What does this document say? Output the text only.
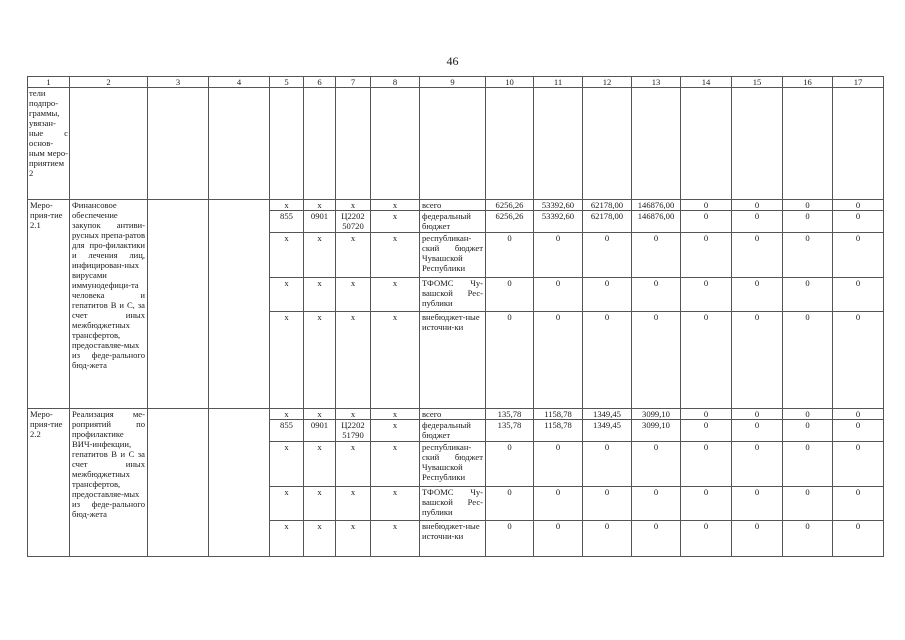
46
1	2	3	4	5	6	7	8	9	10	11	12	13	14	15	16	17
тели подпро-граммы, увязан-ные с основ-ным меро-приятием 2																
Меро-прия-тие 2.1	Финансовое обеспечение закупок антиви-русных препа-ратов для про-филактики и лечения лиц, инфицирован-ных вирусами иммунодефици-та человека и гепатитов В и С, за счет иных межбюджетных трансфертов, предоставляе-мых из феде-рального бюд-жета			x	x	x	x	всего	6256,26	53392,60	62178,00	146876,00	0	0	0	0
				855	0901	Ц2202 50720	x	федеральный бюджет	6256,26	53392,60	62178,00	146876,00	0	0	0	0
				x	x	x	x	республикан-ский бюджет Чувашской Республики	0	0	0	0	0	0	0	0
				x	x	x	x	ТФОМС Чу-вашской Рес-публики	0	0	0	0	0	0	0	0
				x	x	x	x	внебюджет-ные источни-ки	0	0	0	0	0	0	0	0
Меро-прия-тие 2.2	Реализация ме-роприятий по профилактике ВИЧ-инфекции, гепатитов В и С за счет иных межбюджетных трансфертов, предоставляе-мых из феде-рального бюд-жета			x	x	x	x	всего	135,78	1158,78	1349,45	3099,10	0	0	0	0
				855	0901	Ц2202 51790	x	федеральный бюджет	135,78	1158,78	1349,45	3099,10	0	0	0	0
				x	x	x	x	республикан-ский бюджет Чувашской Республики	0	0	0	0	0	0	0	0
				x	x	x	x	ТФОМС Чу-вашской Рес-публики	0	0	0	0	0	0	0	0
				x	x	x	x	внебюджет-ные источни-ки	0	0	0	0	0	0	0	0
